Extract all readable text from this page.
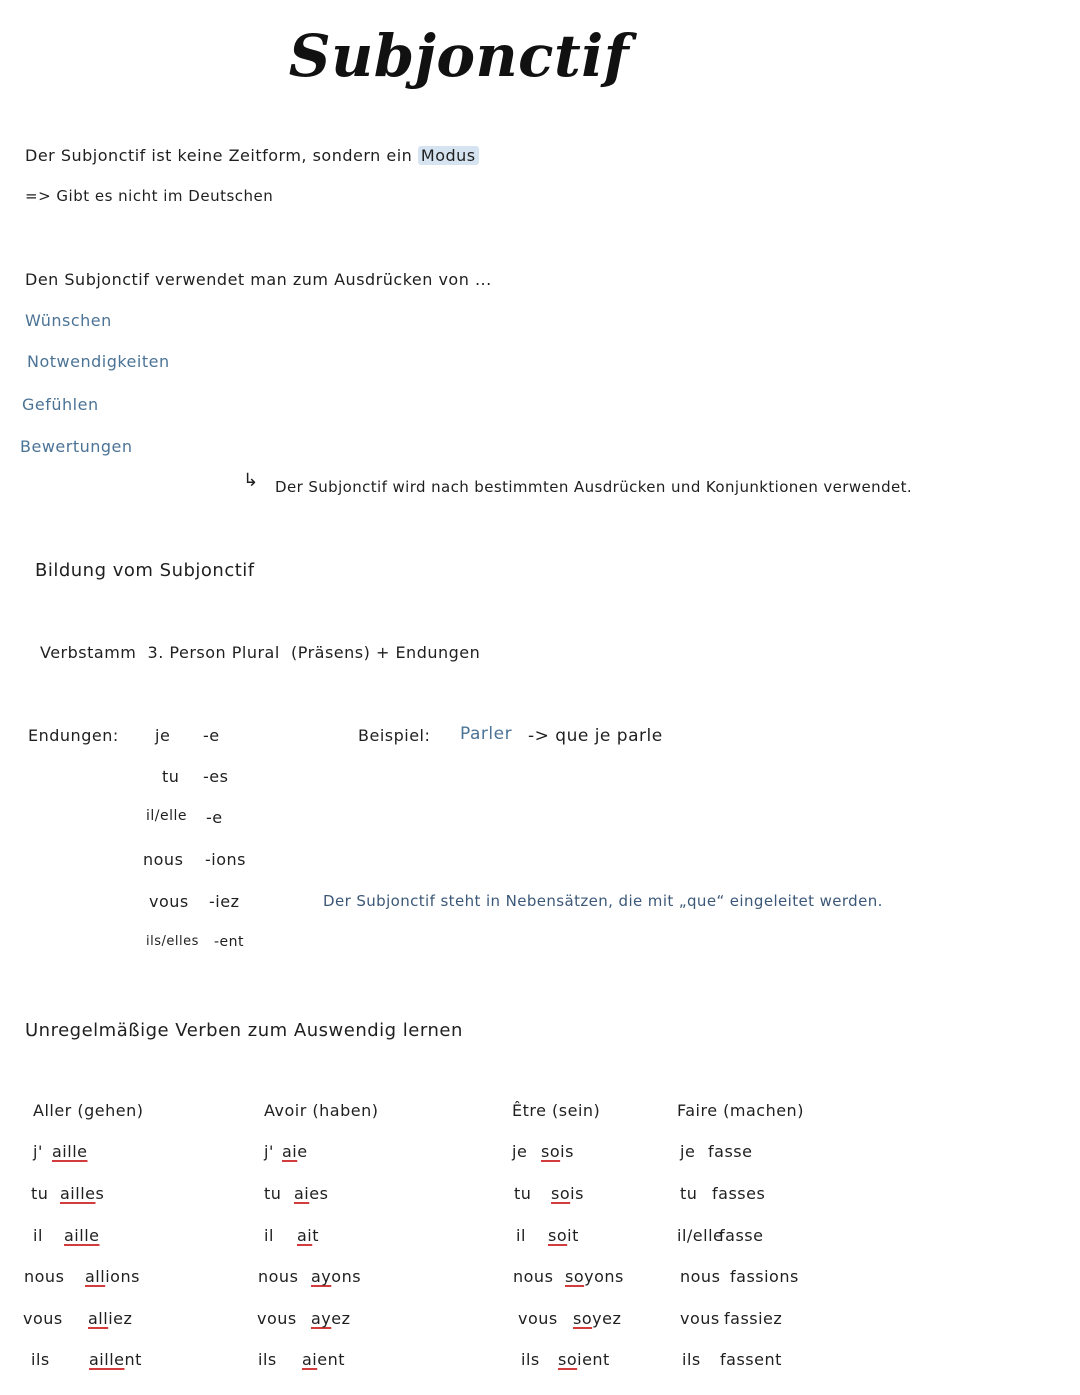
Subjonctif
Der Subjonctif ist keine Zeitform, sondern ein Modus
=> Gibt es nicht im Deutschen
Den Subjonctif verwendet man zum Ausdrücken von ...
Wünschen
Notwendigkeiten
Gefühlen
Bewertungen
↳ Der Subjonctif wird nach bestimmten Ausdrücken und Konjunktionen verwendet.
Bildung vom Subjonctif
Verbstamm  3. Person Plural  (Präsens) + Endungen
Endungen: je -e
tu -es
il/elle -e
nous -ions
vous -iez
ils/elles -ent
Beispiel: Parler -> que je parle
Der Subjonctif steht in Nebensätzen, die mit „que“ eingeleitet werden.
Unregelmäßige Verben zum Auswendig lernen
Aller (gehen)
j' aille
tu ailles
il aille
nous allions
vous alliez
ils aillent
Avoir (haben)
j' aie
tu aies
il ait
nous ayons
vous ayez
ils aient
Être (sein)
je sois
tu sois
il soit
nous soyons
vous soyez
ils soient
Faire (machen)
je fasse
tu fasses
il/elle
fasse
nous fassions
vous fassiez
ils fassent
